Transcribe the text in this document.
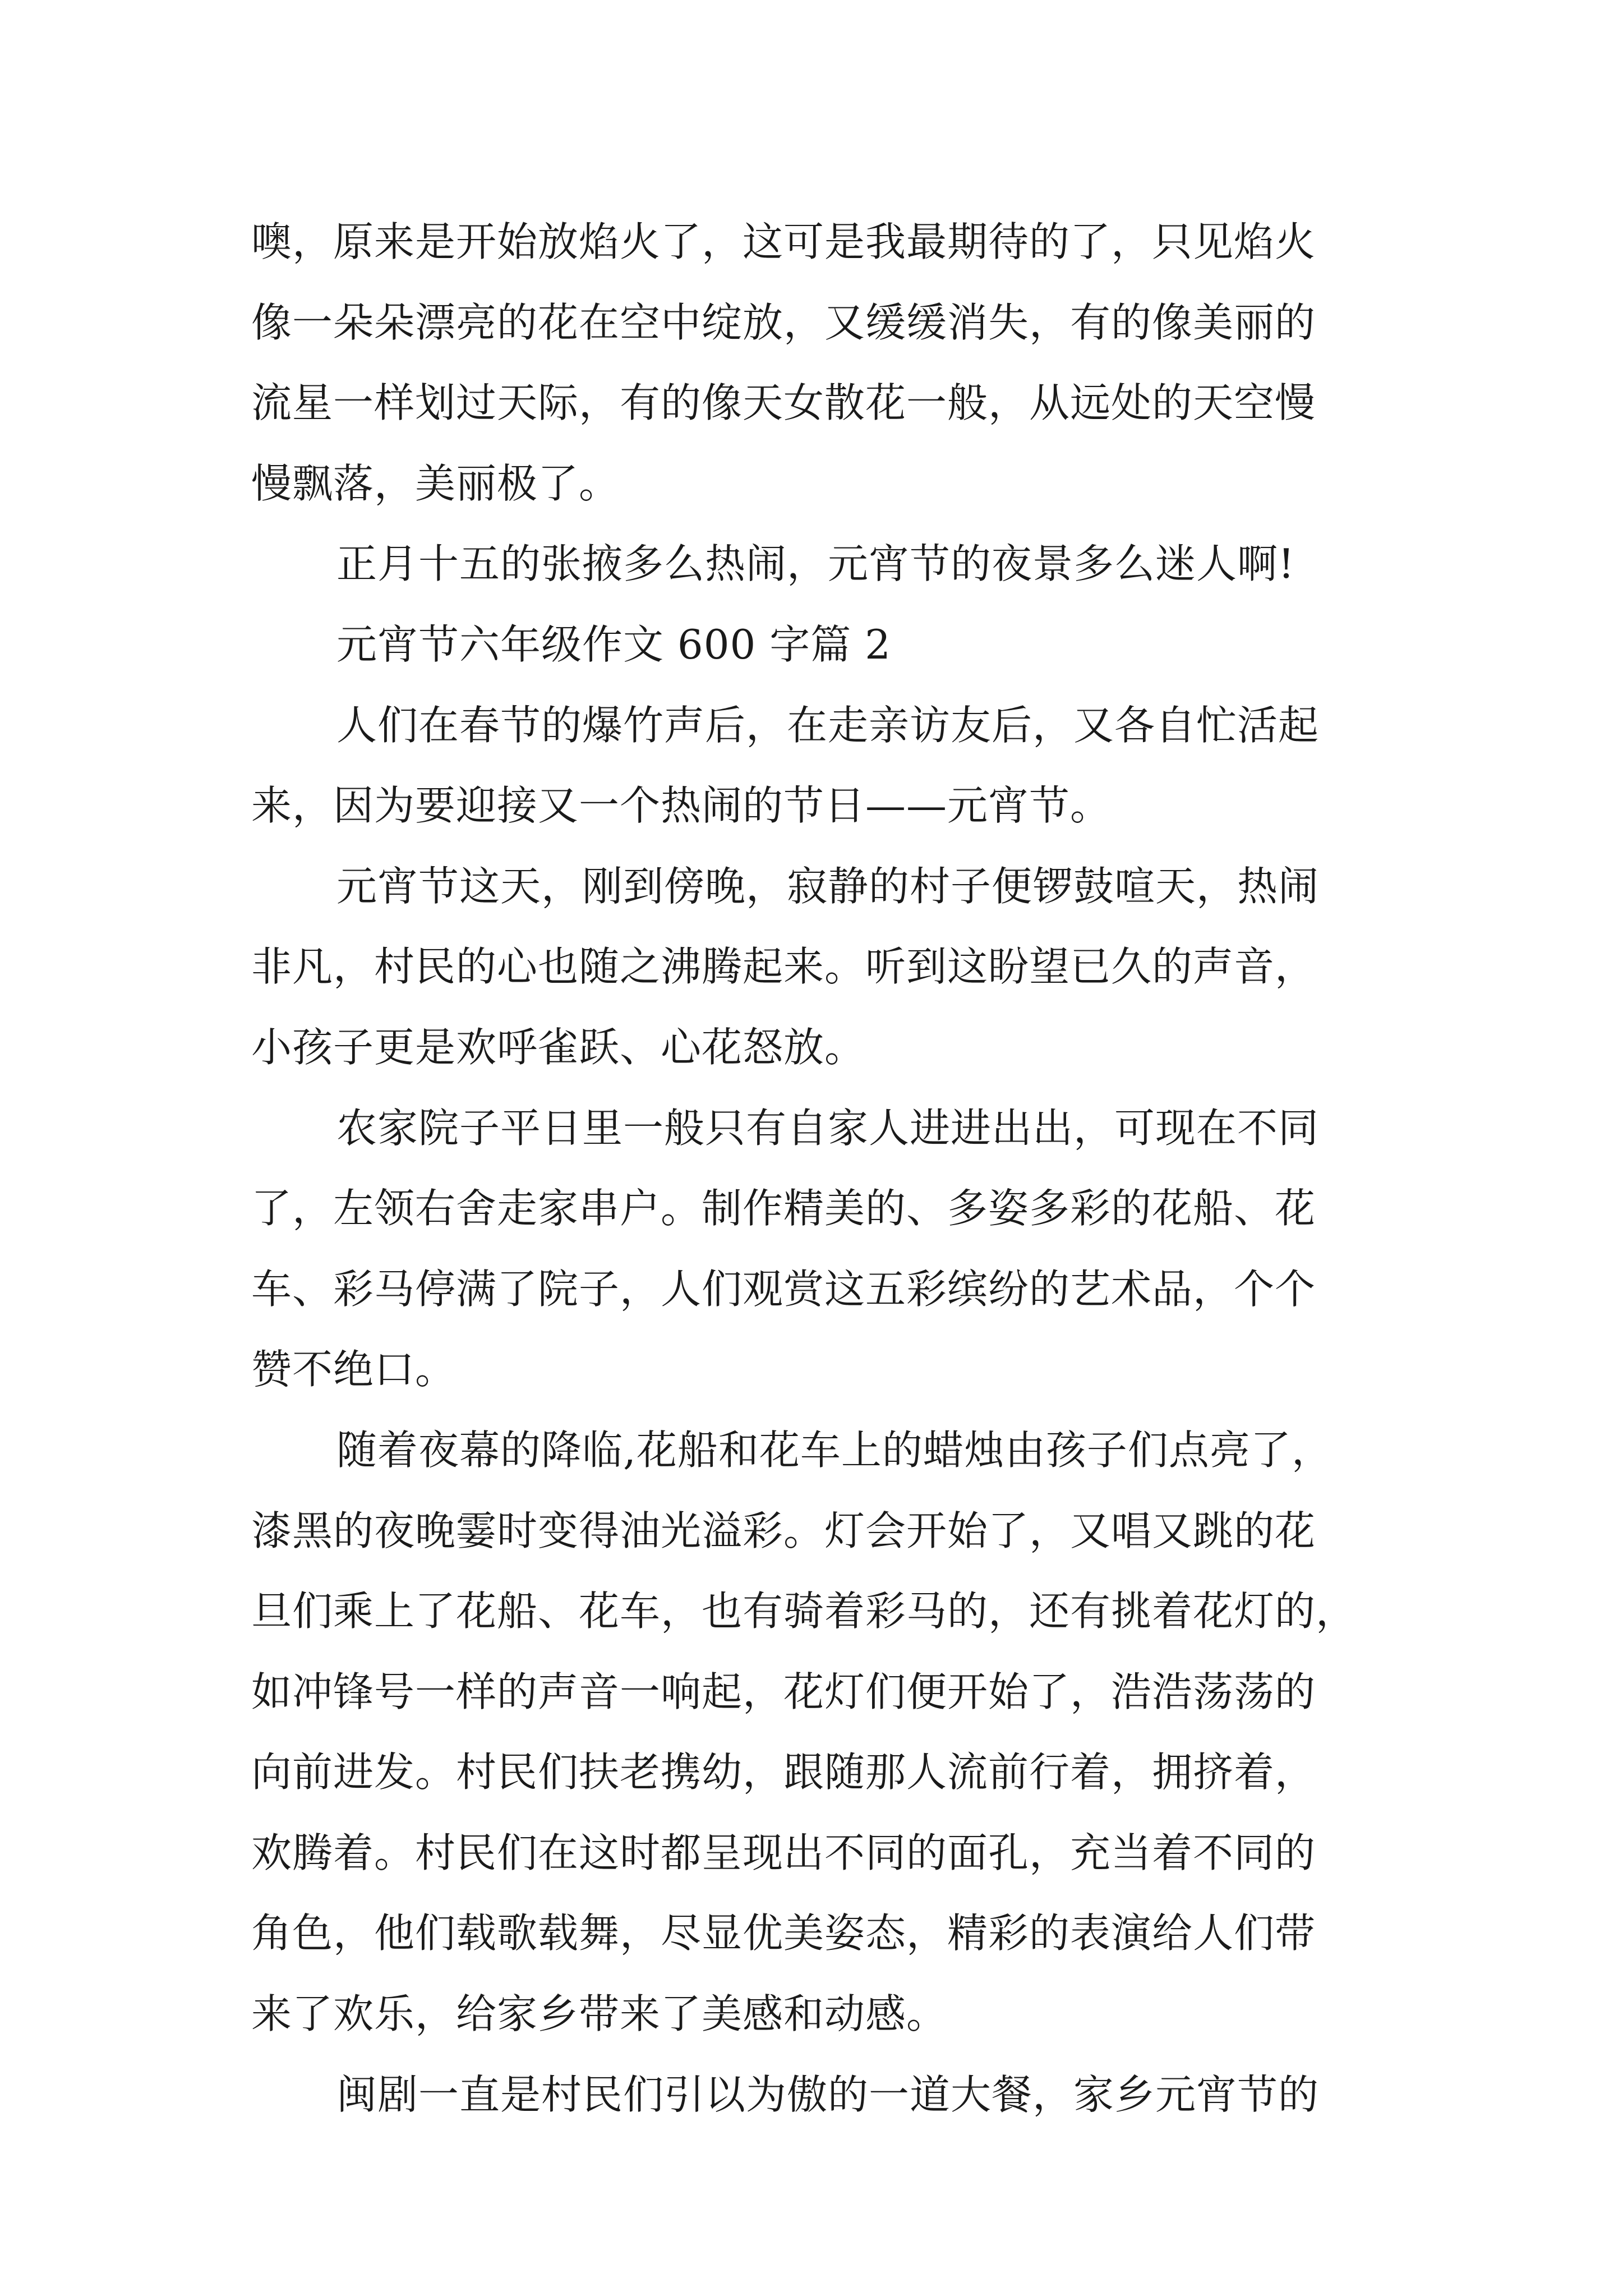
噢，原来是开始放焰火了，这可是我最期待的了，只见焰火
像一朵朵漂亮的花在空中绽放，又缓缓消失，有的像美丽的
流星一样划过天际，有的像天女散花一般，从远处的天空慢
慢飘落，美丽极了。
正月十五的张掖多么热闹，元宵节的夜景多么迷人啊!
元宵节六年级作文 600 字篇 2
人们在春节的爆竹声后，在走亲访友后，又各自忙活起
来，因为要迎接又一个热闹的节日——元宵节。
元宵节这天，刚到傍晚，寂静的村子便锣鼓喧天，热闹
非凡，村民的心也随之沸腾起来。听到这盼望已久的声音，
小孩子更是欢呼雀跃、心花怒放。
农家院子平日里一般只有自家人进进出出，可现在不同
了，左领右舍走家串户。制作精美的、多姿多彩的花船、花
车、彩马停满了院子，人们观赏这五彩缤纷的艺术品，个个
赞不绝口。
随着夜幕的降临,花船和花车上的蜡烛由孩子们点亮了，
漆黑的夜晚霎时变得油光溢彩。灯会开始了，又唱又跳的花
旦们乘上了花船、花车，也有骑着彩马的，还有挑着花灯的，
如冲锋号一样的声音一响起，花灯们便开始了，浩浩荡荡的
向前进发。村民们扶老携幼，跟随那人流前行着，拥挤着，
欢腾着。村民们在这时都呈现出不同的面孔，充当着不同的
角色，他们载歌载舞，尽显优美姿态，精彩的表演给人们带
来了欢乐，给家乡带来了美感和动感。
闽剧一直是村民们引以为傲的一道大餐，家乡元宵节的
